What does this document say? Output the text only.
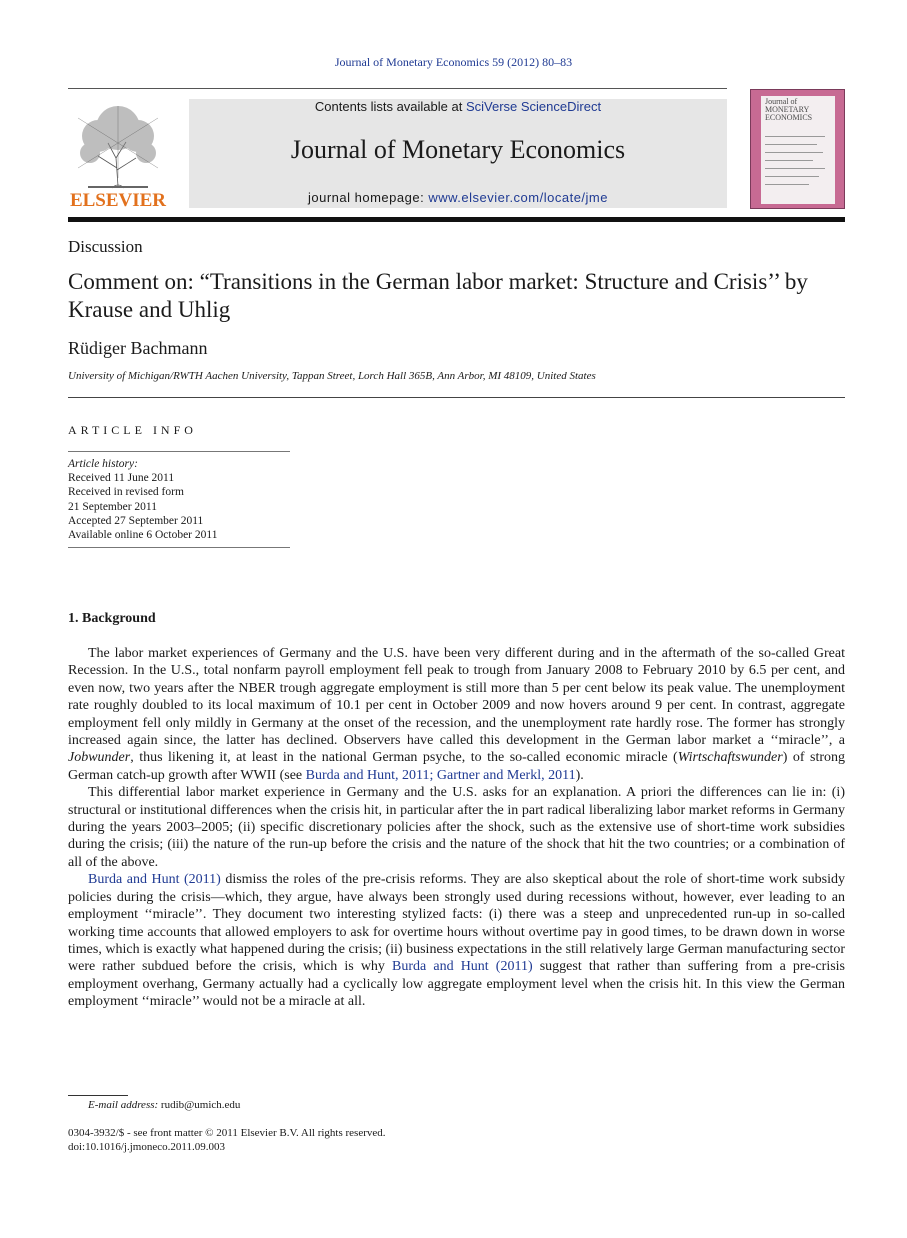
Journal of Monetary Economics 59 (2012) 80–83
ELSEVIER
Contents lists available at SciVerse ScienceDirect
Journal of Monetary Economics
journal homepage: www.elsevier.com/locate/jme
Journal of MONETARY ECONOMICS
Discussion
Comment on: “Transitions in the German labor market: Structure and Crisis’’ by Krause and Uhlig
Rüdiger Bachmann
University of Michigan/RWTH Aachen University, Tappan Street, Lorch Hall 365B, Ann Arbor, MI 48109, United States
ARTICLE INFO
Article history:
Received 11 June 2011
Received in revised form
21 September 2011
Accepted 27 September 2011
Available online 6 October 2011
1. Background

The labor market experiences of Germany and the U.S. have been very different during and in the aftermath of the so-called Great Recession. In the U.S., total nonfarm payroll employment fell peak to trough from January 2008 to February 2010 by 6.5 per cent, and even now, two years after the NBER trough aggregate employment is still more than 5 per cent below its peak value. The unemployment rate roughly doubled to its local maximum of 10.1 per cent in October 2009 and now hovers around 9 per cent. In contrast, aggregate employment fell only mildly in Germany at the onset of the recession, and the unemployment rate hardly rose. The former has strongly increased again since, the latter has declined. Observers have called this development in the German labor market a ‘‘miracle’’, a Jobwunder, thus likening it, at least in the national German psyche, to the so-called economic miracle (Wirtschaftswunder) of strong German catch-up growth after WWII (see Burda and Hunt, 2011; Gartner and Merkl, 2011).

This differential labor market experience in Germany and the U.S. asks for an explanation. A priori the differences can lie in: (i) structural or institutional differences when the crisis hit, in particular after the in part radical liberalizing labor market reforms in Germany during the years 2003–2005; (ii) specific discretionary policies after the shock, such as the extensive use of short-time work subsidies during the crisis; (iii) the nature of the run-up before the crisis and the nature of the shock that hit the two countries; or a combination of all of the above.

Burda and Hunt (2011) dismiss the roles of the pre-crisis reforms. They are also skeptical about the role of short-time work subsidy policies during the crisis—which, they argue, have always been strongly used during recessions without, however, ever leading to an employment ‘‘miracle’’. They document two interesting stylized facts: (i) there was a steep and unprecedented run-up in so-called working time accounts that allowed employers to ask for overtime hours without overtime pay in good times, to be drawn down in worse times, which is exactly what happened during the crisis; (ii) business expectations in the still relatively large German manufacturing sector were rather subdued before the crisis, which is why Burda and Hunt (2011) suggest that rather than suffering from a pre-crisis employment overhang, Germany actually had a cyclically low aggregate employment level when the crisis hit. In this view the German employment ‘‘miracle’’ would not be a miracle at all.

E-mail address: rudib@umich.edu
0304-3932/$ - see front matter © 2011 Elsevier B.V. All rights reserved.
doi:10.1016/j.jmoneco.2011.09.003
